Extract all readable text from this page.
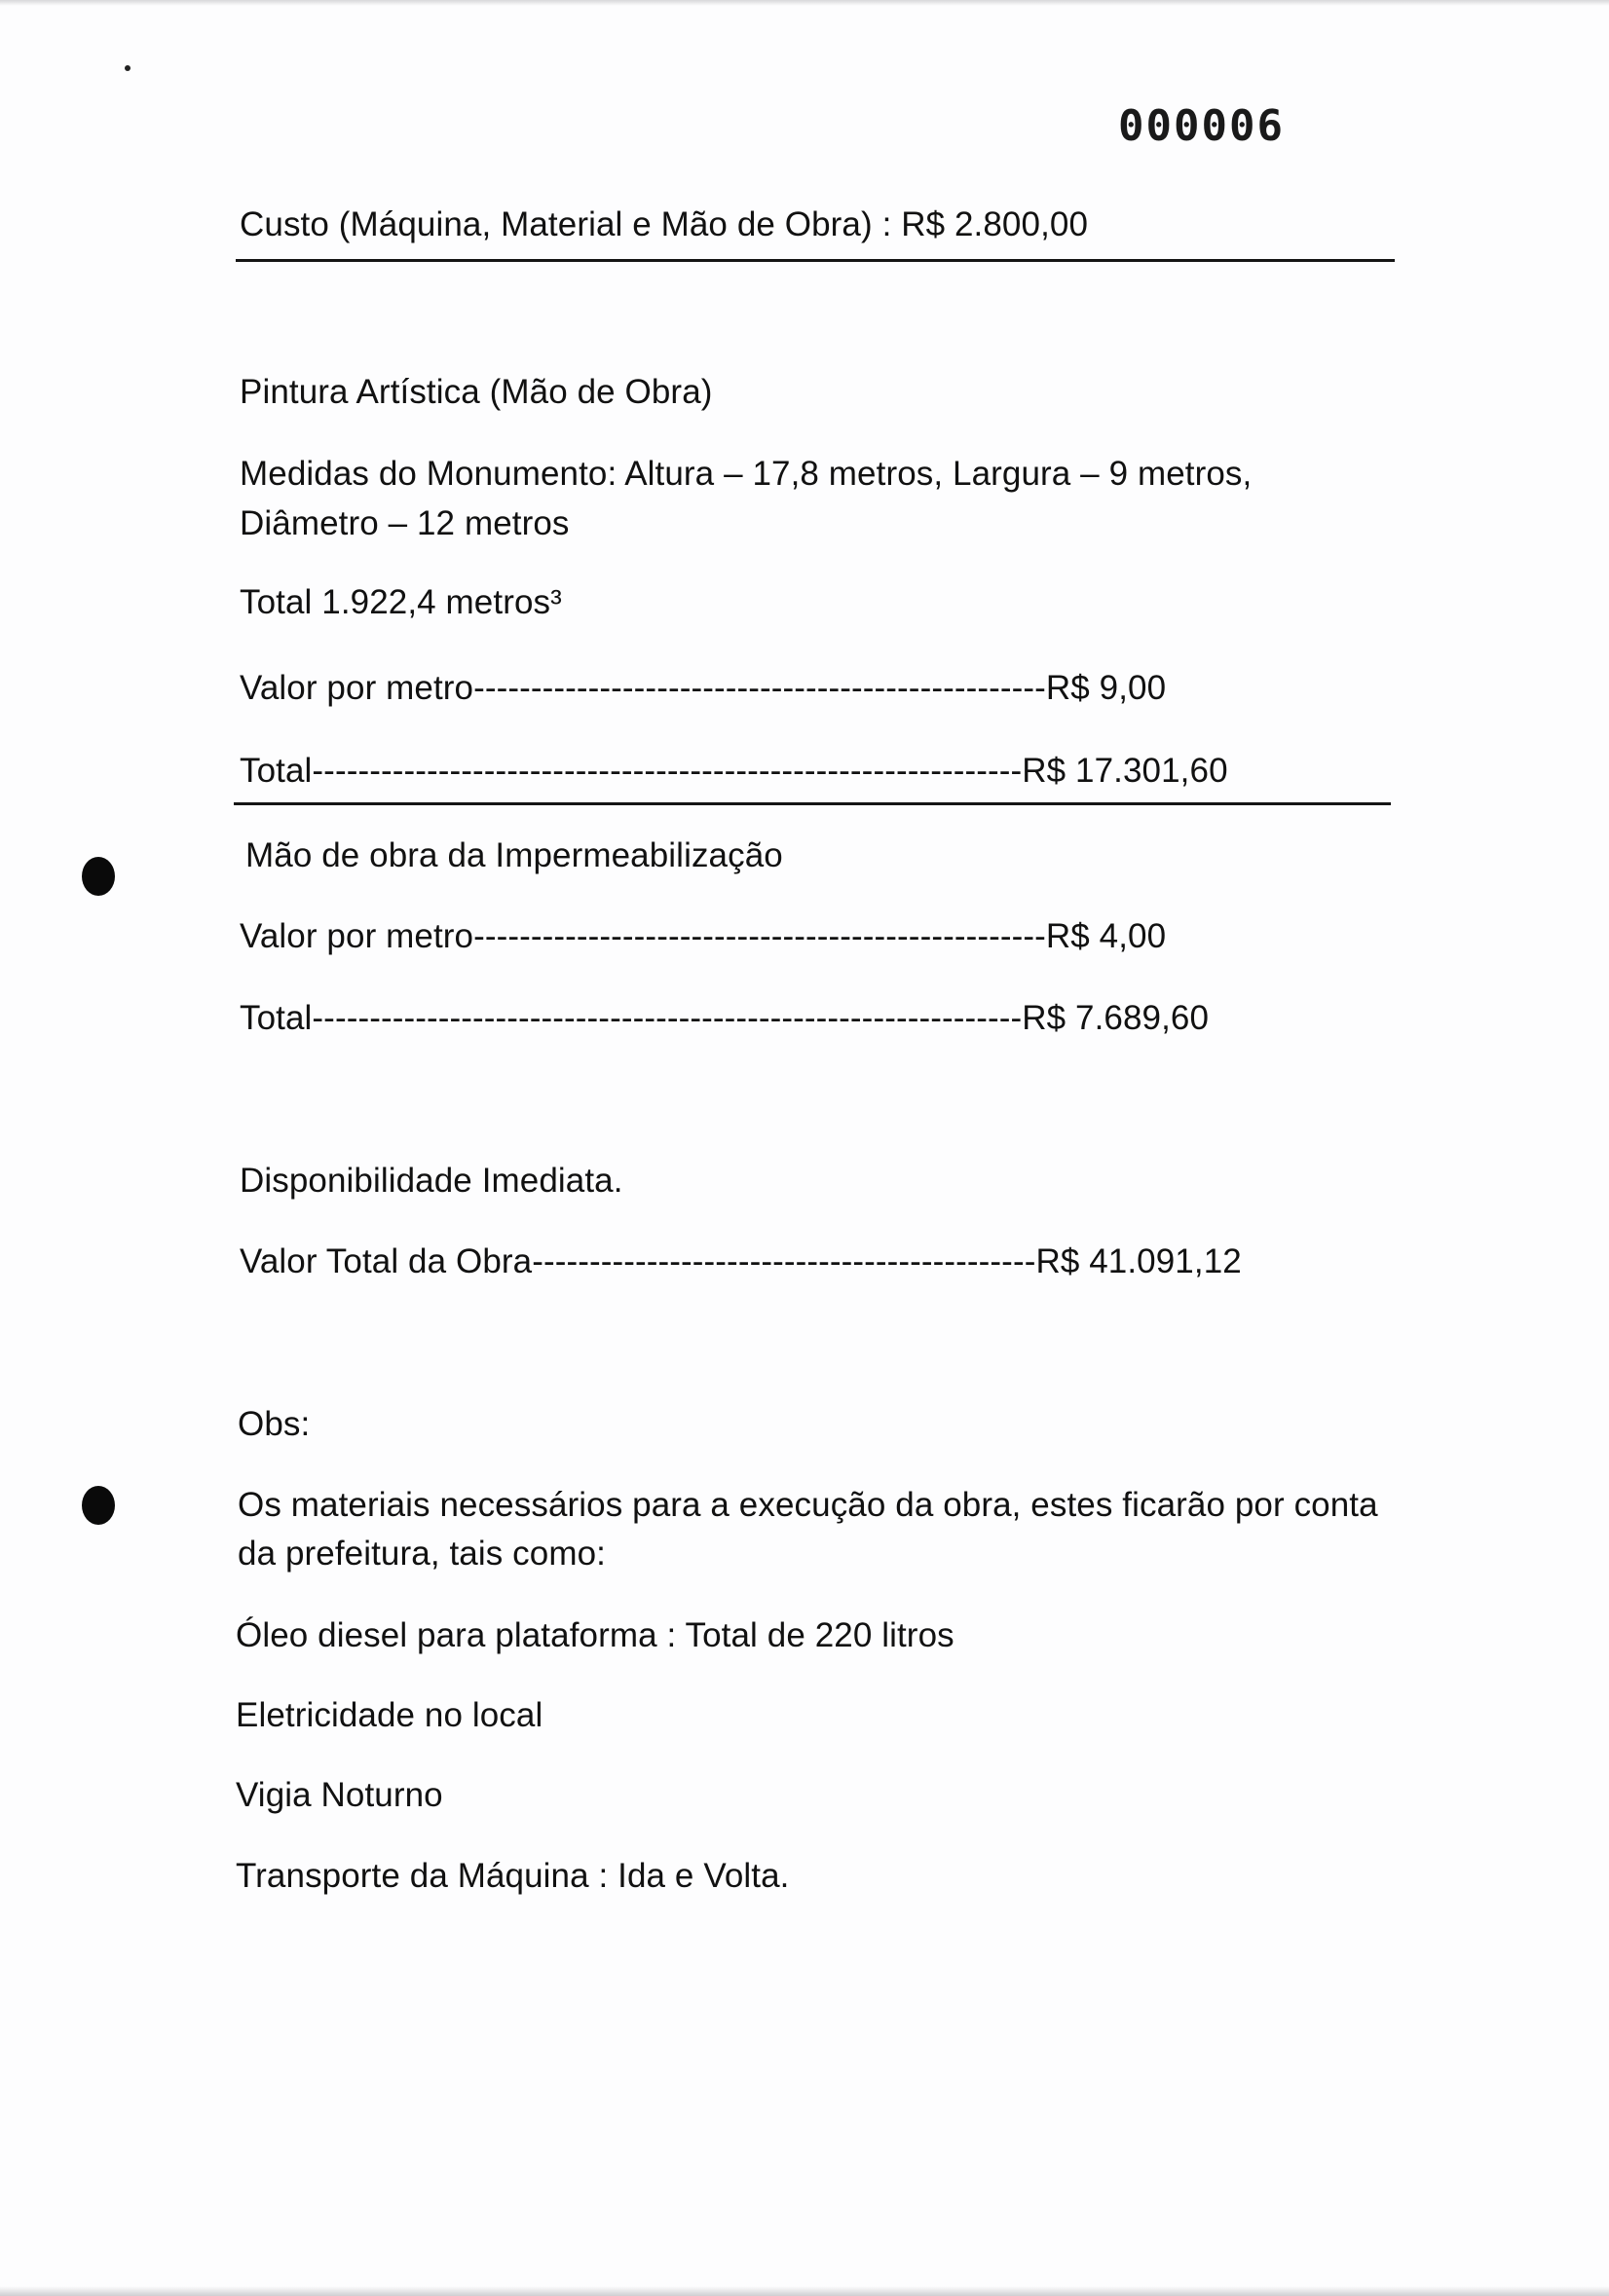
000006
Custo (Máquina, Material e Mão de Obra) : R$ 2.800,00
Pintura Artística (Mão de Obra)
Medidas do Monumento: Altura – 17,8 metros, Largura – 9 metros,
Diâmetro – 12 metros
Total 1.922,4 metros³
Valor por metro--------------------------------------------------R$ 9,00
Total--------------------------------------------------------------R$ 17.301,60
Mão de obra da Impermeabilização
Valor por metro--------------------------------------------------R$ 4,00
Total--------------------------------------------------------------R$ 7.689,60
Disponibilidade Imediata.
Valor Total da Obra--------------------------------------------R$ 41.091,12
Obs:
Os materiais necessários para a execução da obra, estes ficarão por conta
da prefeitura, tais como:
Óleo diesel para plataforma : Total de 220 litros
Eletricidade no local
Vigia Noturno
Transporte da Máquina : Ida e Volta.
